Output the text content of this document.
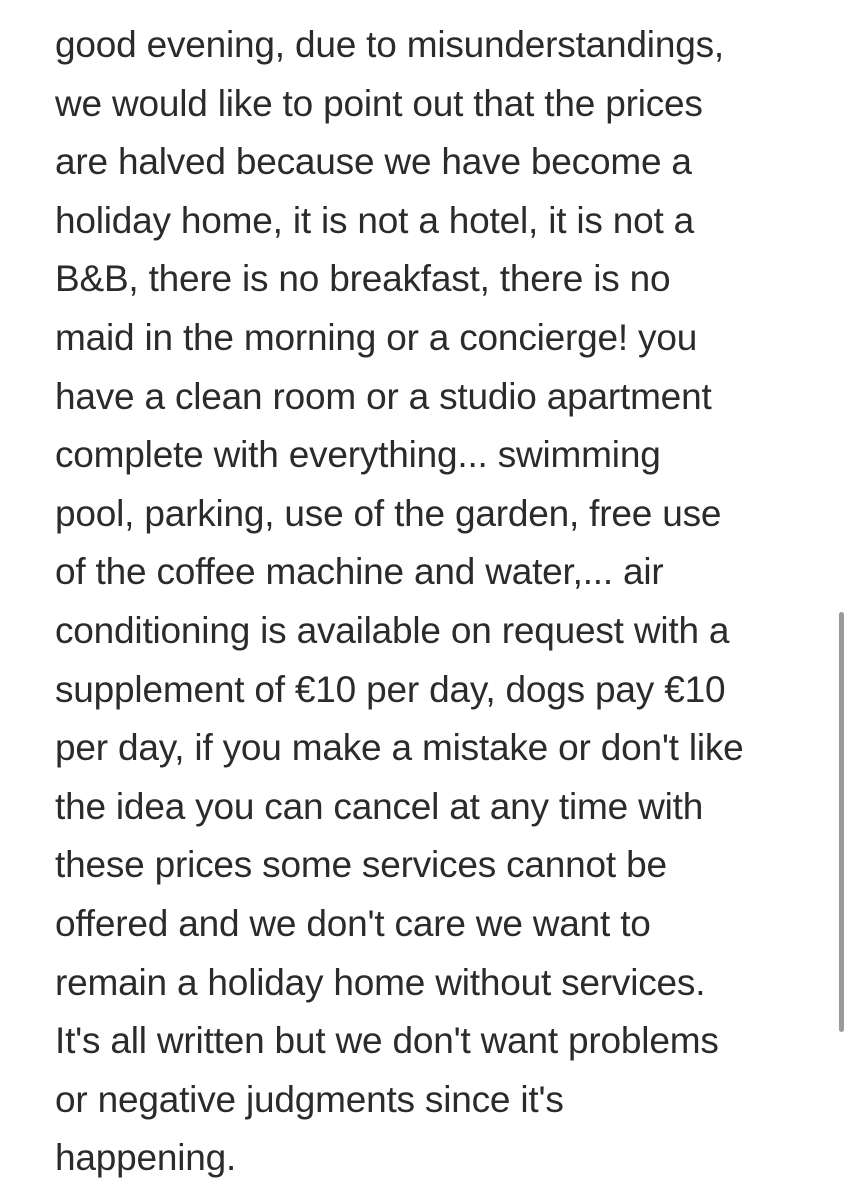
good evening, due to misunderstandings,
we would like to point out that the prices
are halved because we have become a
holiday home, it is not a hotel, it is not a
B&B, there is no breakfast, there is no
maid in the morning or a concierge! you
have a clean room or a studio apartment
complete with everything... swimming
pool, parking, use of the garden, free use
of the coffee machine and water,... air
conditioning is available on request with a
supplement of €10 per day, dogs pay €10
per day, if you make a mistake or don't like
the idea you can cancel at any time with
these prices some services cannot be
offered and we don't care we want to
remain a holiday home without services.
It's all written but we don't want problems
or negative judgments since it's
happening.
